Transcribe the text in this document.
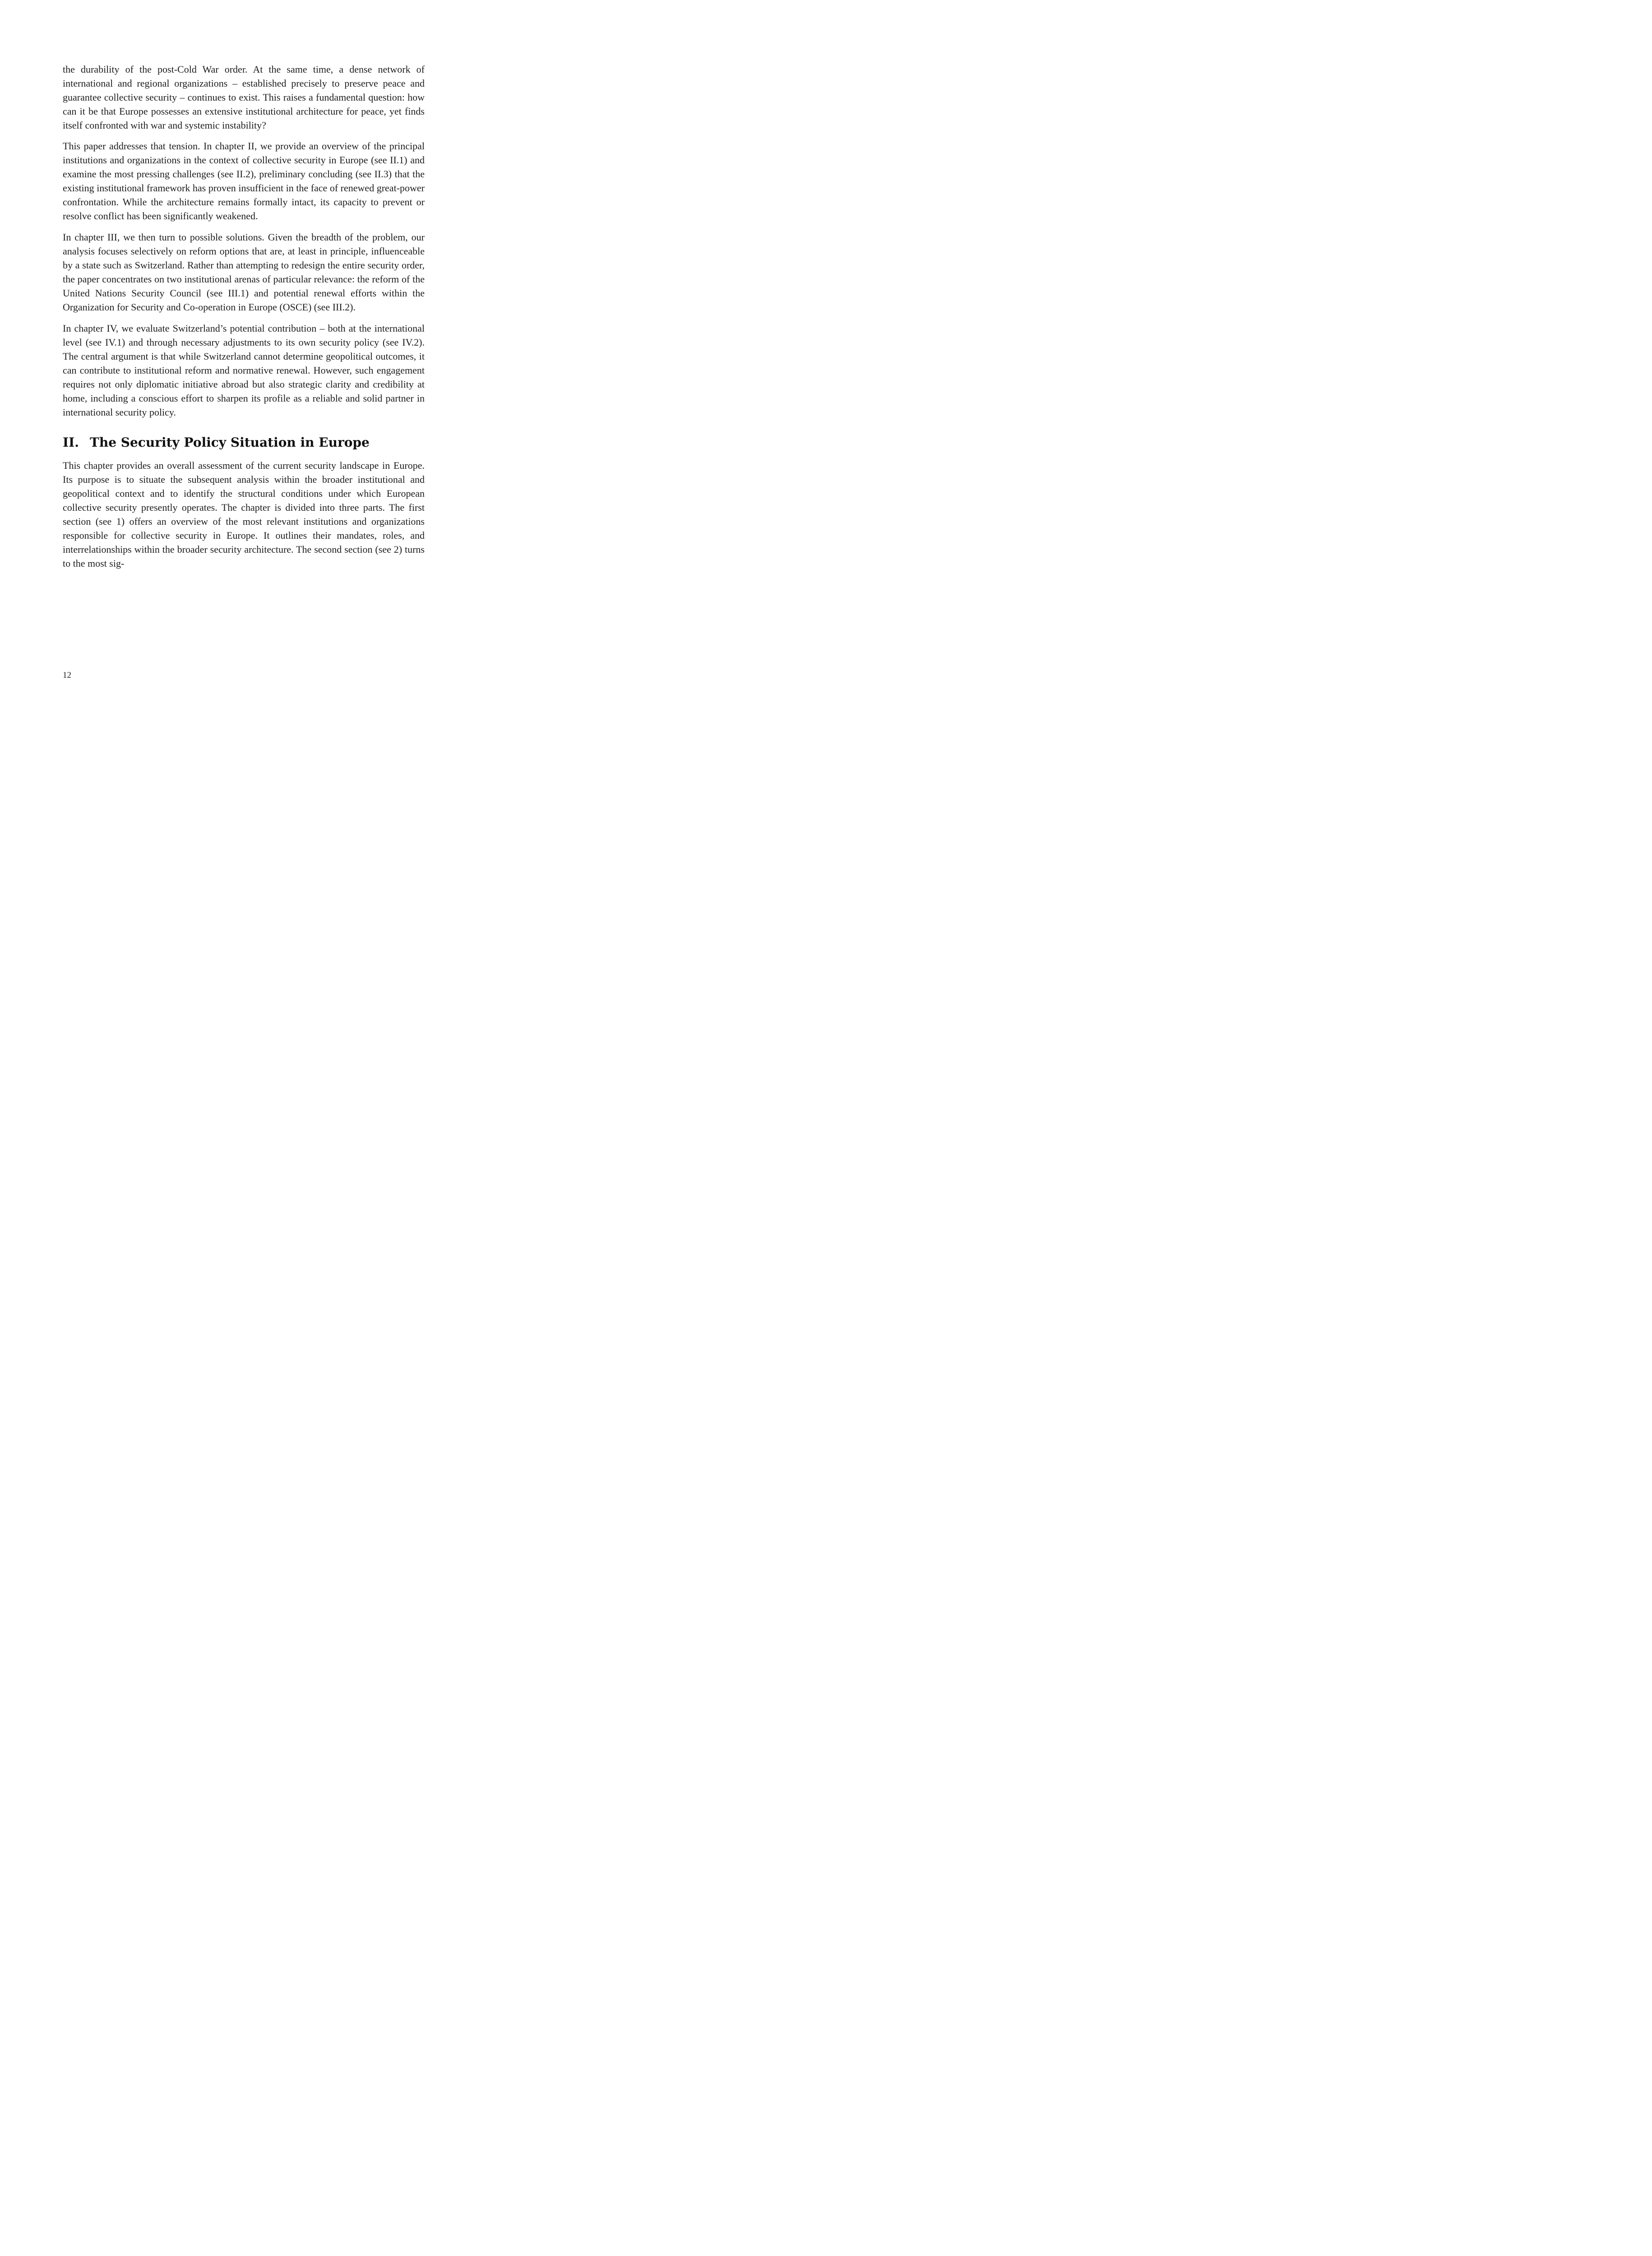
the durability of the post-Cold War order. At the same time, a dense network of international and regional organizations – established precisely to preserve peace and guarantee collective security – continues to exist. This raises a fundamental question: how can it be that Europe possesses an extensive institutional architecture for peace, yet finds itself confronted with war and systemic instability?

This paper addresses that tension. In chapter II, we provide an overview of the principal institutions and organizations in the context of collective security in Europe (see II.1) and examine the most pressing challenges (see II.2), preliminary concluding (see II.3) that the existing institutional framework has proven insufficient in the face of renewed great-power confrontation. While the architecture remains formally intact, its capacity to prevent or resolve conflict has been significantly weakened.

In chapter III, we then turn to possible solutions. Given the breadth of the problem, our analysis focuses selectively on reform options that are, at least in principle, influenceable by a state such as Switzerland. Rather than attempting to redesign the entire security order, the paper concentrates on two institutional arenas of particular relevance: the reform of the United Nations Security Council (see III.1) and potential renewal efforts within the Organization for Security and Co-operation in Europe (OSCE) (see III.2).

In chapter IV, we evaluate Switzerland’s potential contribution – both at the international level (see IV.1) and through necessary adjustments to its own security policy (see IV.2). The central argument is that while Switzerland cannot determine geopolitical outcomes, it can contribute to institutional reform and normative renewal. However, such engagement requires not only diplomatic initiative abroad but also strategic clarity and credibility at home, including a conscious effort to sharpen its profile as a reliable and solid partner in international security policy.

II. The Security Policy Situation in Europe

This chapter provides an overall assessment of the current security landscape in Europe. Its purpose is to situate the subsequent analysis within the broader institutional and geopolitical context and to identify the structural conditions under which European collective security presently operates. The chapter is divided into three parts. The first section (see 1) offers an overview of the most relevant institutions and organizations responsible for collective security in Europe. It outlines their mandates, roles, and interrelationships within the broader security architecture. The second section (see 2) turns to the most sig-

12
